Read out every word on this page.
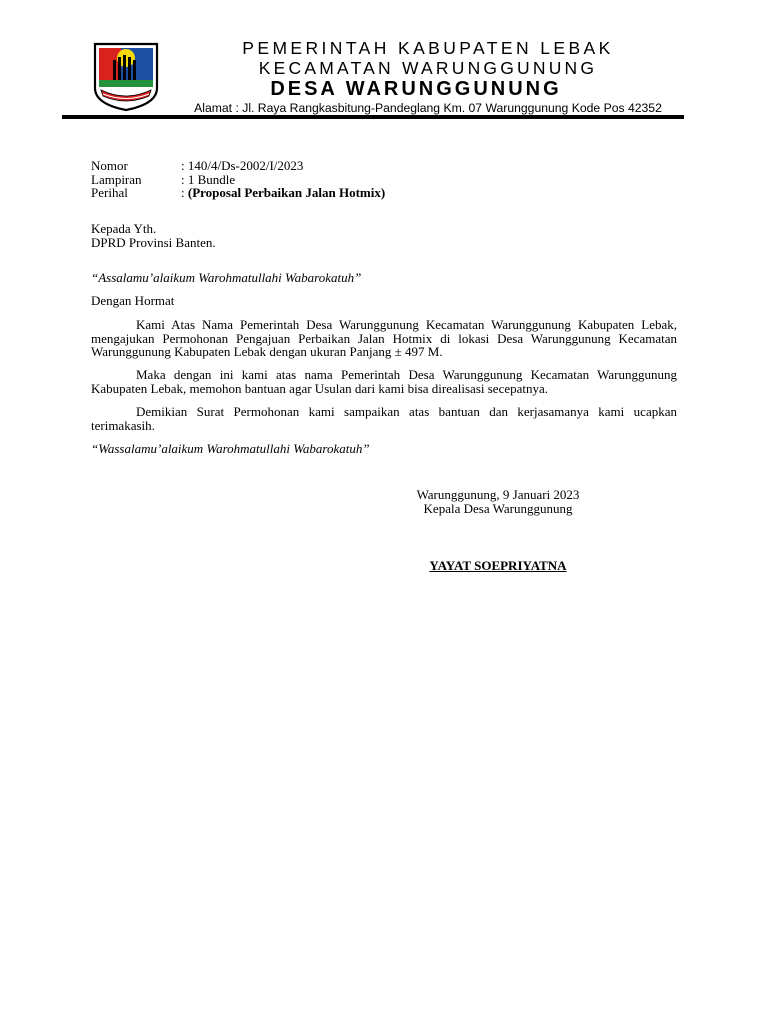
PEMERINTAH KABUPATEN LEBAK
KECAMATAN WARUNGGUNUNG
DESA WARUNGGUNUNG
Alamat : Jl. Raya Rangkasbitung-Pandeglang Km. 07 Warunggunung Kode Pos 42352
Nomor	: 140/4/Ds-2002/I/2023
Lampiran	: 1 Bundle
Perihal	: (Proposal Perbaikan Jalan Hotmix)
Kepada Yth.
DPRD Provinsi Banten.
“Assalamu’alaikum Warohmatullahi Wabarokatuh”
Dengan Hormat

Kami Atas Nama Pemerintah Desa Warunggunung Kecamatan Warunggunung Kabupaten Lebak, mengajukan Permohonan Pengajuan Perbaikan Jalan Hotmix di lokasi Desa Warunggunung Kecamatan Warunggunung Kabupaten Lebak dengan ukuran Panjang ± 497 M.

Maka dengan ini kami atas nama Pemerintah Desa Warunggunung Kecamatan Warunggunung Kabupaten Lebak, memohon bantuan agar Usulan dari kami bisa direalisasi secepatnya.

Demikian Surat Permohonan kami sampaikan atas bantuan dan kerjasamanya kami ucapkan terimakasih.

“Wassalamu’alaikum Warohmatullahi Wabarokatuh”
Warunggunung, 9 Januari 2023
Kepala Desa Warunggunung
YAYAT SOEPRIYATNA
